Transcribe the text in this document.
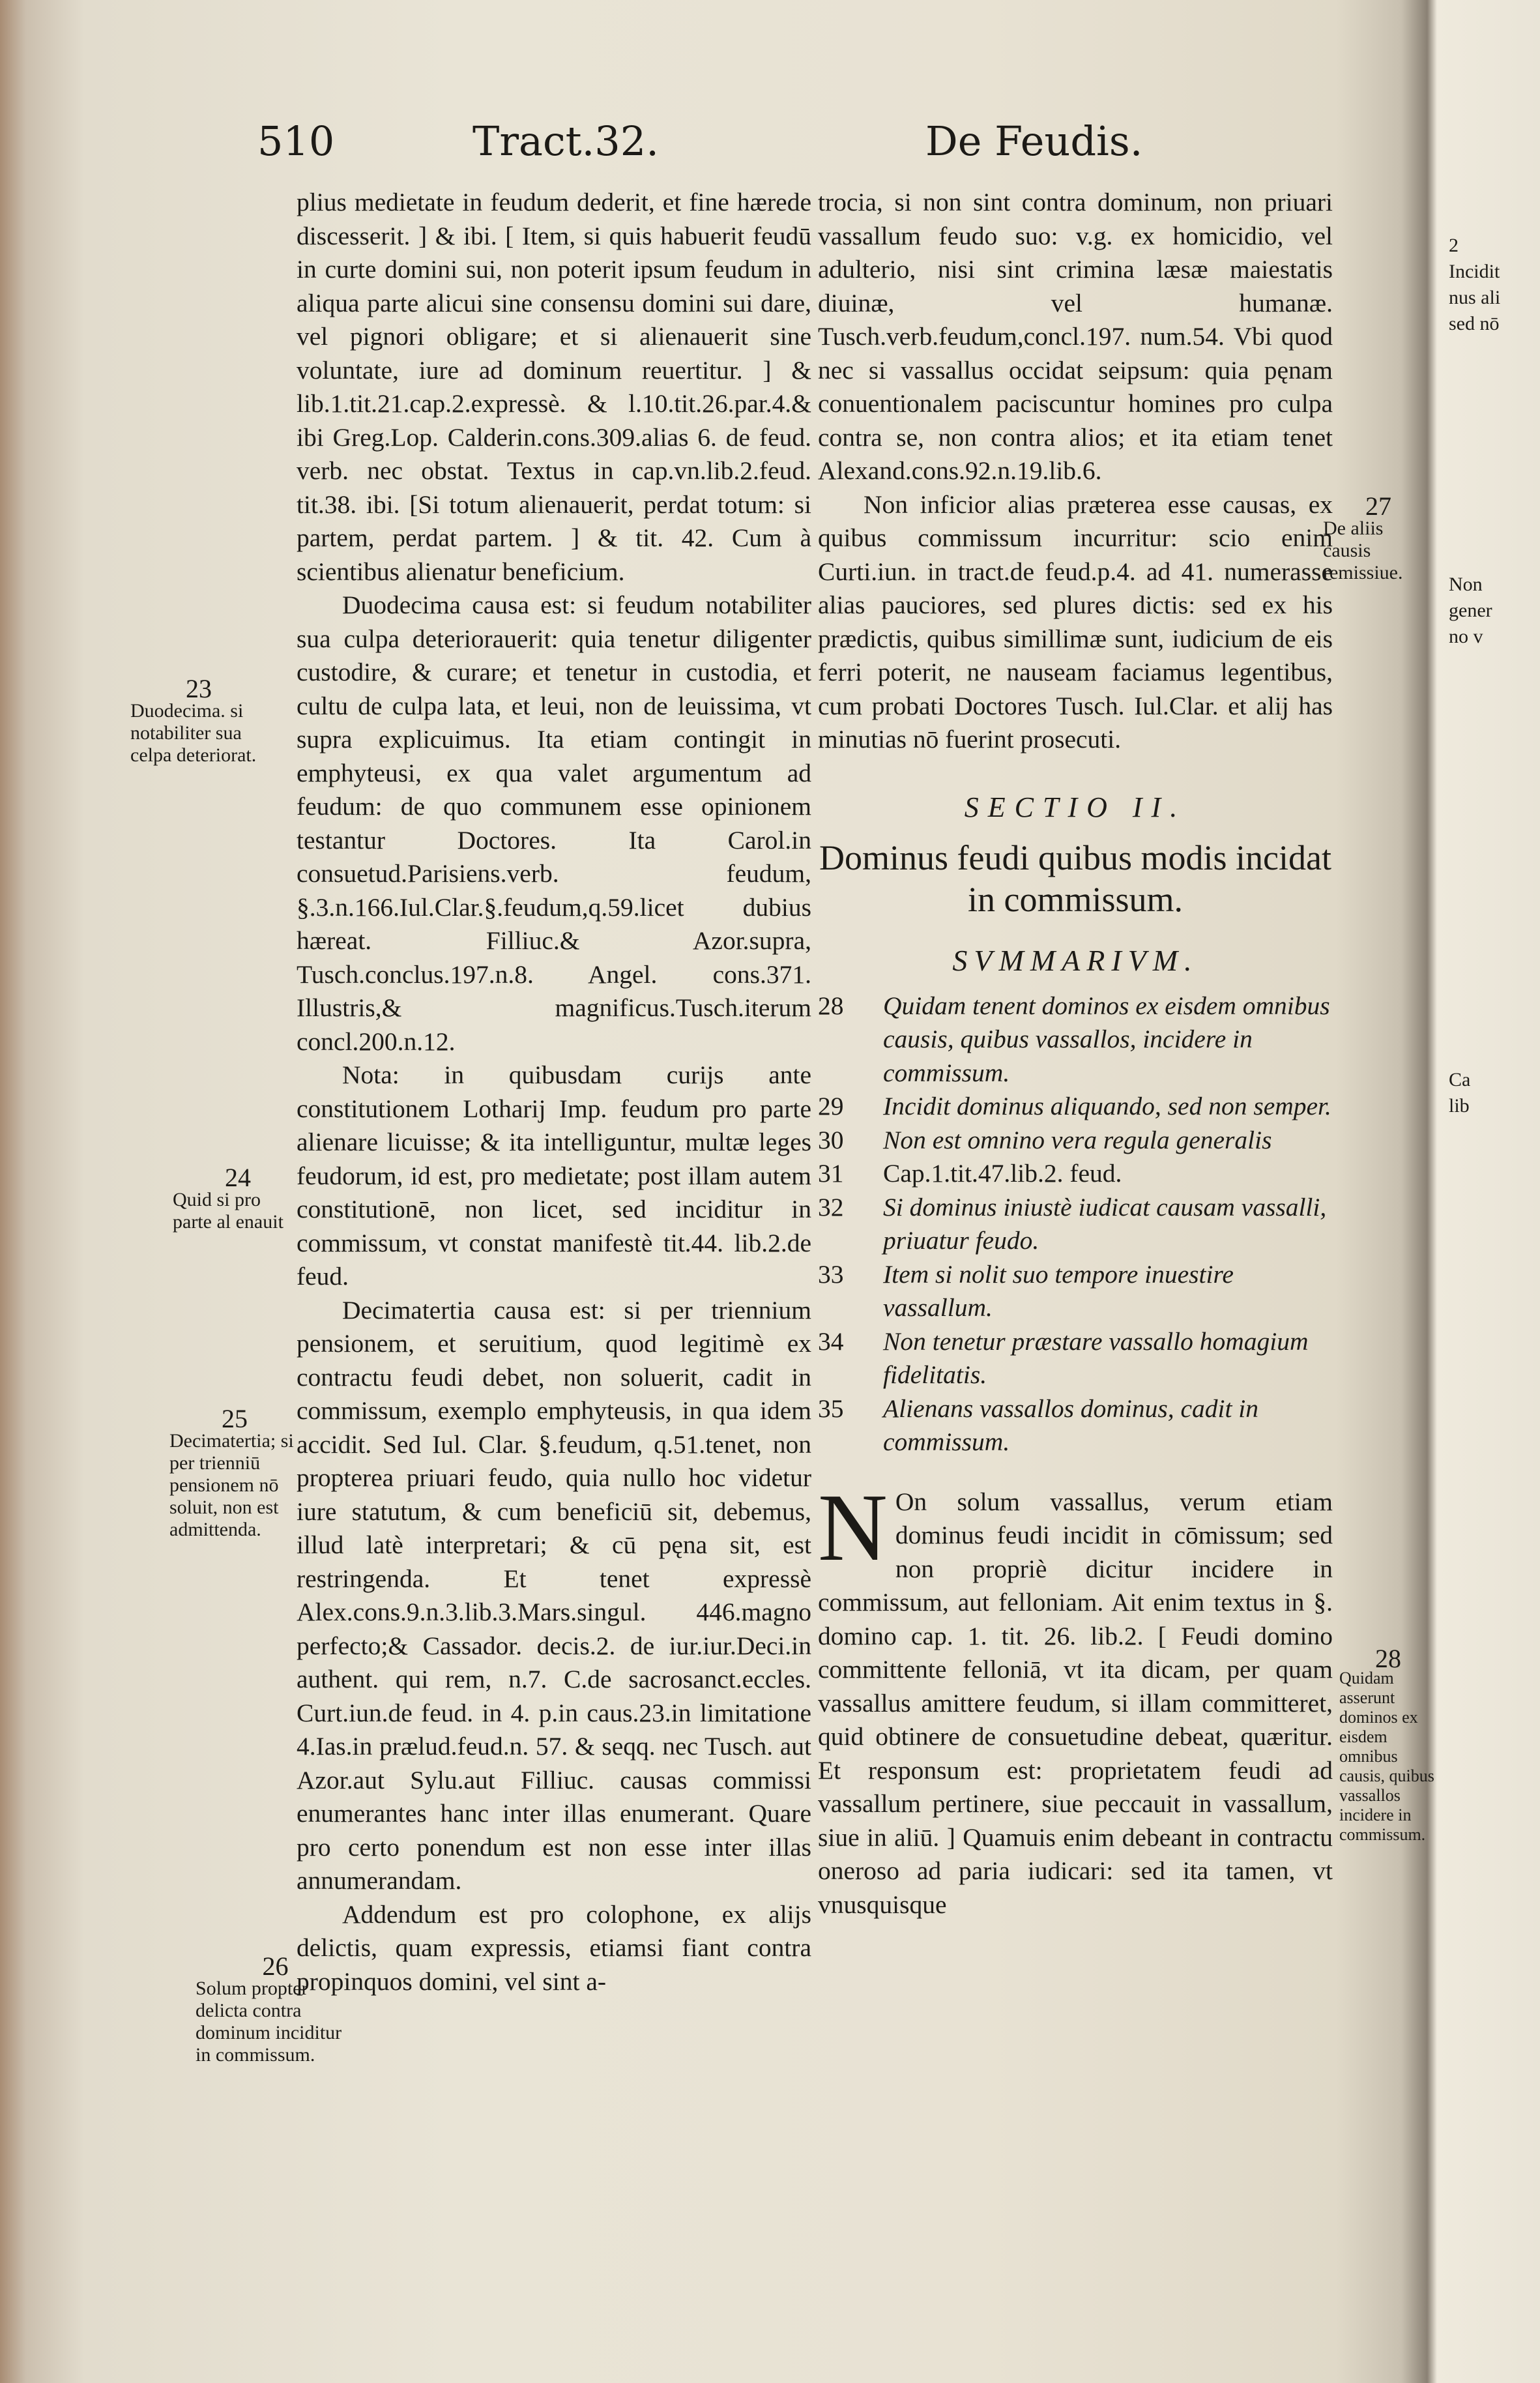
510	Tract.32.	De Feudis.

plius medietate in feudum dederit, et fine hærede discesserit. ] & ibi. [ Item, si quis habuerit feudū in curte domini sui, non poterit ipsum feudum in aliqua parte alicui sine consensu domini sui dare, vel pignori obligare; et si alienauerit sine voluntate, iure ad dominum reuertitur. ] & lib.1.tit.21.cap.2.expressè. & l.10.tit.26.par.4.& ibi Greg.Lop. Calderin.cons.309.alias 6. de feud. verb. nec obstat. Textus in cap.vn.lib.2.feud. tit.38. ibi. [Si totum alienauerit, perdat totum: si partem, perdat partem. ] & tit. 42. Cum à scientibus alienatur beneficium.

Duodecima causa est: si feudum notabiliter sua culpa deteriorauerit: quia tenetur diligenter custodire, & curare; et tenetur in custodia, et cultu de culpa lata, et leui, non de leuissima, vt supra explicuimus. Ita etiam contingit in emphyteusi, ex qua valet argumentum ad feudum: de quo communem esse opinionem testantur Doctores. Ita Carol.in consuetud.Parisiens.verb. feudum, §.3.n.166.Iul.Clar.§.feudum,q.59.licet dubius hæreat. Filliuc.& Azor.supra, Tusch.conclus.197.n.8. Angel. cons.371. Illustris,& magnificus.Tusch.iterum concl.200.n.12.

Nota: in quibusdam curijs ante constitutionem Lotharij Imp. feudum pro parte alienare licuisse; & ita intelliguntur, multæ leges feudorum, id est, pro medietate; post illam autem constitutionē, non licet, sed inciditur in commissum, vt constat manifestè tit.44. lib.2.de feud.

Decimatertia causa est: si per triennium pensionem, et seruitium, quod legitimè ex contractu feudi debet, non soluerit, cadit in commissum, exemplo emphyteusis, in qua idem accidit. Sed Iul. Clar. §.feudum, q.51.tenet, non propterea priuari feudo, quia nullo hoc videtur iure statutum, & cum beneficiū sit, debemus, illud latè interpretari; & cū pęna sit, est restringenda. Et tenet expressè Alex.cons.9.n.3.lib.3.Mars.singul. 446.magno perfecto;& Cassador. decis.2. de iur.iur.Deci.in authent. qui rem, n.7. C.de sacrosanct.eccles. Curt.iun.de feud. in 4. p.in caus.23.in limitatione 4.Ias.in prælud.feud.n. 57. & seqq. nec Tusch. aut Azor.aut Sylu.aut Filliuc. causas commissi enumerantes hanc inter illas enumerant. Quare pro certo ponendum est non esse inter illas annumerandam.

Addendum est pro colophone, ex alijs delictis, quam expressis, etiamsi fiant contra propinquos domini, vel sint a-

23
Duodecima. si notabiliter sua celpa deteriorat.
24
Quid si pro parte al enauit
25
Decimatertia; si per trienniū pensionem nō soluit, non est admittenda.
26
Solum propter delicta contra dominum inciditur in commissum.

trocia, si non sint contra dominum, non priuari vassallum feudo suo: v.g. ex homicidio, vel adulterio, nisi sint crimina læsæ maiestatis diuinæ, vel humanæ. Tusch.verb.feudum,concl.197. num.54. Vbi quod nec si vassallus occidat seipsum: quia pęnam conuentionalem paciscuntur homines pro culpa contra se, non contra alios; et ita etiam tenet Alexand.cons.92.n.19.lib.6.

Non inficior alias præterea esse causas, ex quibus commissum incurritur: scio enim Curti.iun. in tract.de feud.p.4. ad 41. numerasse alias pauciores, sed plures dictis: sed ex his prædictis, quibus simillimæ sunt, iudicium de eis ferri poterit, ne nauseam faciamus legentibus, cum probati Doctores Tusch. Iul.Clar. et alij has minutias nō fuerint prosecuti.

SECTIO II.
Dominus feudi quibus modis incidat in commissum.
SVMMARIVM.
28 Quidam tenent dominos ex eisdem omnibus causis, quibus vassallos, incidere in commissum.
29 Incidit dominus aliquando, sed non semper.
30 Non est omnino vera regula generalis
31 Cap.1.tit.47.lib.2. feud.
32 Si dominus iniustè iudicat causam vassalli, priuatur feudo.
33 Item si nolit suo tempore inuestire vassallum.
34 Non tenetur præstare vassallo homagium fidelitatis.
35 Alienans vassallos dominus, cadit in commissum.

N On solum vassallus, verum etiam dominus feudi incidit in cōmissum; sed non propriè dicitur incidere in commissum, aut felloniam. Ait enim textus in §. domino cap. 1. tit. 26. lib.2. [ Feudi domino committente felloniā, vt ita dicam, per quam vassallus amittere feudum, si illam committeret, quid obtinere de consuetudine debeat, quæritur. Et responsum est: proprietatem feudi ad vassallum pertinere, siue peccauit in vassallum, siue in aliū. ] Quamuis enim debeant in contractu oneroso ad paria iudicari: sed ita tamen, vt vnusquisque

27
De aliis causis remissiue.
28
Quidam asserunt dominos ex eisdem omnibus causis, quibus vassallos incidere in commissum.
2
Incidit
nus ali
sed nō
Non
gener
no v
Ca
lib
